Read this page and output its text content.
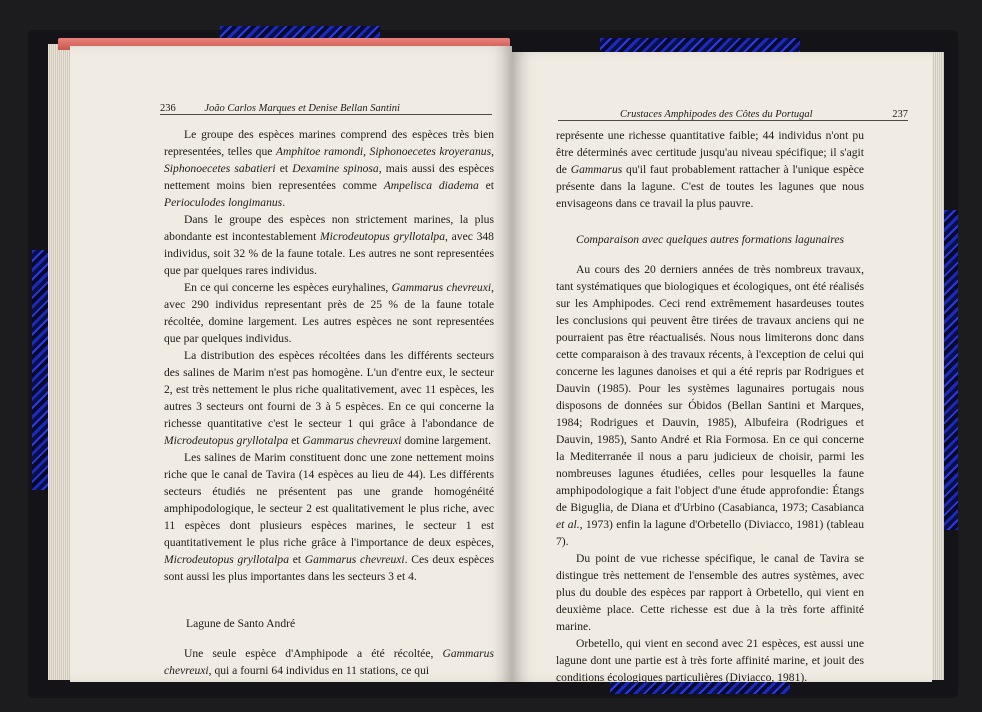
236	João Carlos Marques et Denise Bellan Santini

Le groupe des espèces marines comprend des espèces très bien representées, telles que Amphitoe ramondi, Siphonoecetes kroyeranus, Siphonoecetes sabatieri et Dexamine spinosa, mais aussi des espèces nettement moins bien representées comme Ampelisca diadema et Perioculodes longimanus.

Dans le groupe des espèces non strictement marines, la plus abondante est incontestablement Microdeutopus gryllotalpa, avec 348 individus, soit 32 % de la faune totale. Les autres ne sont representées que par quelques rares individus.

En ce qui concerne les espèces euryhalines, Gammarus chevreuxi, avec 290 individus representant près de 25 % de la faune totale récoltée, domine largement. Les autres espèces ne sont representées que par quelques individus.

La distribution des espèces récoltées dans les différents secteurs des salines de Marim n'est pas homogène. L'un d'entre eux, le secteur 2, est très nettement le plus riche qualitativement, avec 11 espèces, les autres 3 secteurs ont fourni de 3 à 5 espèces. En ce qui concerne la richesse quantitative c'est le secteur 1 qui grâce à l'abondance de Microdeutopus gryllotalpa et Gammarus chevreuxi domine largement.

Les salines de Marim constituent donc une zone nettement moins riche que le canal de Tavira (14 espèces au lieu de 44). Les différents secteurs étudiés ne présentent pas une grande homogénéité amphipodologique, le secteur 2 est qualitativement le plus riche, avec 11 espèces dont plusieurs espèces marines, le secteur 1 est quantitativement le plus riche grâce à l'importance de deux espèces, Microdeutopus gryllotalpa et Gammarus chevreuxi. Ces deux espèces sont aussi les plus importantes dans les secteurs 3 et 4.

Lagune de Santo André

Une seule espèce d'Amphipode a été récoltée, Gammarus chevreuxi, qui a fourni 64 individus en 11 stations, ce qui

Crustaces Amphipodes des Côtes du Portugal	237

représente une richesse quantitative faible; 44 individus n'ont pu être déterminés avec certitude jusqu'au niveau spécifique; il s'agit de Gammarus qu'il faut probablement rattacher à l'unique espèce présente dans la lagune. C'est de toutes les lagunes que nous envisageons dans ce travail la plus pauvre.

Comparaison avec quelques autres formations lagunaires

Au cours des 20 derniers années de très nombreux travaux, tant systématiques que biologiques et écologiques, ont été réalisés sur les Amphipodes. Ceci rend extrêmement hasardeuses toutes les conclusions qui peuvent être tirées de travaux anciens qui ne pourraient pas être réactualisés. Nous nous limiterons donc dans cette comparaison à des travaux récents, à l'exception de celui qui concerne les lagunes danoises et qui a été repris par Rodrigues et Dauvin (1985). Pour les systèmes lagunaires portugais nous disposons de données sur Óbidos (Bellan Santini et Marques, 1984; Rodrigues et Dauvin, 1985), Albufeira (Rodrigues et Dauvin, 1985), Santo André et Ria Formosa. En ce qui concerne la Mediterranée il nous a paru judicieux de choisir, parmi les nombreuses lagunes étudiées, celles pour lesquelles la faune amphipodologique a fait l'object d'une étude approfondie: Étangs de Biguglia, de Diana et d'Urbino (Casabianca, 1973; Casabianca et al., 1973) enfin la lagune d'Orbetello (Diviacco, 1981) (tableau 7).

Du point de vue richesse spécifique, le canal de Tavira se distingue très nettement de l'ensemble des autres systèmes, avec plus du double des espèces par rapport à Orbetello, qui vient en deuxième place. Cette richesse est due à la très forte affinité marine.

Orbetello, qui vient en second avec 21 espèces, est aussi une lagune dont une partie est à très forte affinité marine, et jouit des conditions écologiques particulières (Diviacco, 1981).
